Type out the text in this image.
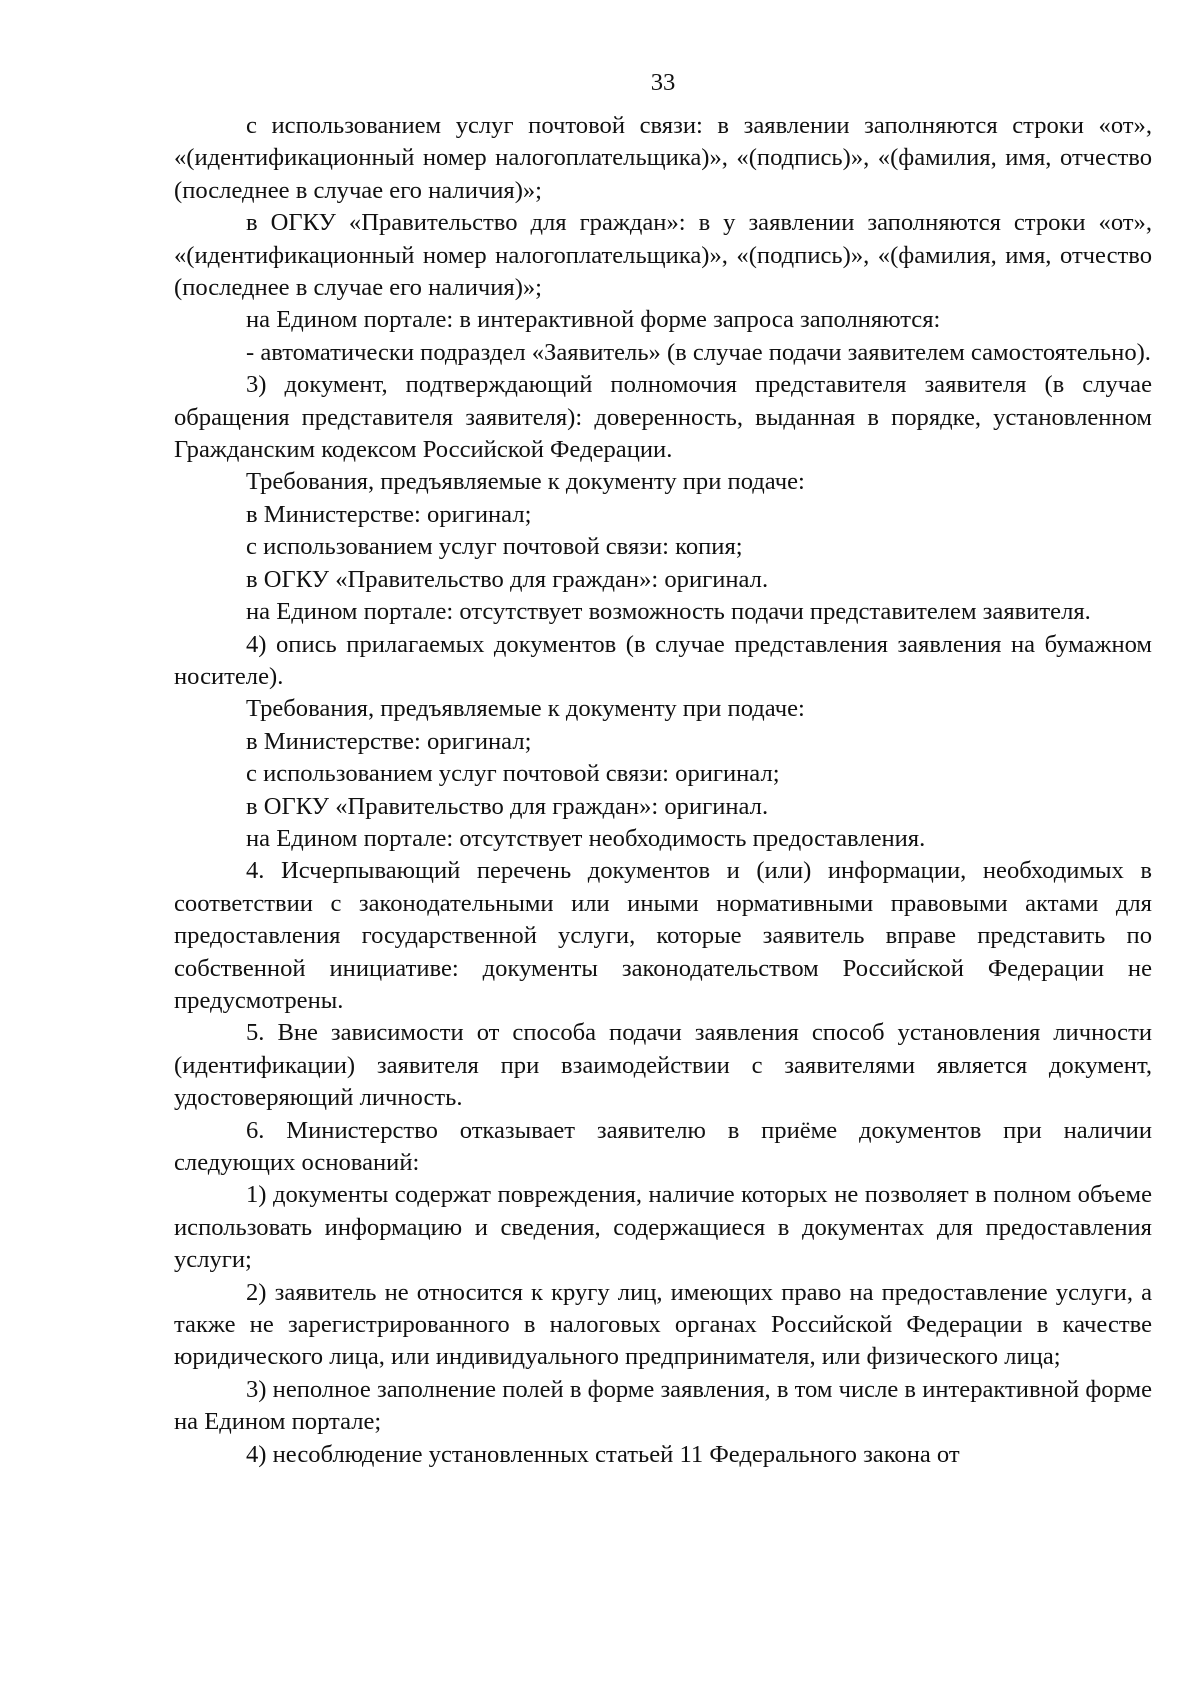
33

с использованием услуг почтовой связи: в заявлении заполняются строки «от», «(идентификационный номер налогоплательщика)», «(подпись)», «(фамилия, имя, отчество (последнее в случае его наличия)»;

в ОГКУ «Правительство для граждан»: в у заявлении заполняются строки «от», «(идентификационный номер налогоплательщика)», «(подпись)», «(фамилия, имя, отчество (последнее в случае его наличия)»;

на Едином портале: в интерактивной форме запроса заполняются:

- автоматически подраздел «Заявитель» (в случае подачи заявителем самостоятельно).

3) документ, подтверждающий полномочия представителя заявителя (в случае обращения представителя заявителя): доверенность, выданная в порядке, установленном Гражданским кодексом Российской Федерации.

Требования, предъявляемые к документу при подаче:

в Министерстве: оригинал;

с использованием услуг почтовой связи: копия;

в ОГКУ «Правительство для граждан»: оригинал.

на Едином портале: отсутствует возможность подачи представителем заявителя.

4) опись прилагаемых документов (в случае представления заявления на бумажном носителе).

Требования, предъявляемые к документу при подаче:

в Министерстве: оригинал;

с использованием услуг почтовой связи: оригинал;

в ОГКУ «Правительство для граждан»: оригинал.

на Едином портале: отсутствует необходимость предоставления.

4. Исчерпывающий перечень документов и (или) информации, необходимых в соответствии с законодательными или иными нормативными правовыми актами для предоставления государственной услуги, которые заявитель вправе представить по собственной инициативе: документы законодательством Российской Федерации не предусмотрены.

5. Вне зависимости от способа подачи заявления способ установления личности (идентификации) заявителя при взаимодействии с заявителями является документ, удостоверяющий личность.

6. Министерство отказывает заявителю в приёме документов при наличии следующих оснований:

1) документы содержат повреждения, наличие которых не позволяет в полном объеме использовать информацию и сведения, содержащиеся в документах для предоставления услуги;

2) заявитель не относится к кругу лиц, имеющих право на предоставление услуги, а также не зарегистрированного в налоговых органах Российской Федерации в качестве юридического лица, или индивидуального предпринимателя, или физического лица;

3) неполное заполнение полей в форме заявления, в том числе в интерактивной форме на Едином портале;

4) несоблюдение установленных статьей 11 Федерального закона от
